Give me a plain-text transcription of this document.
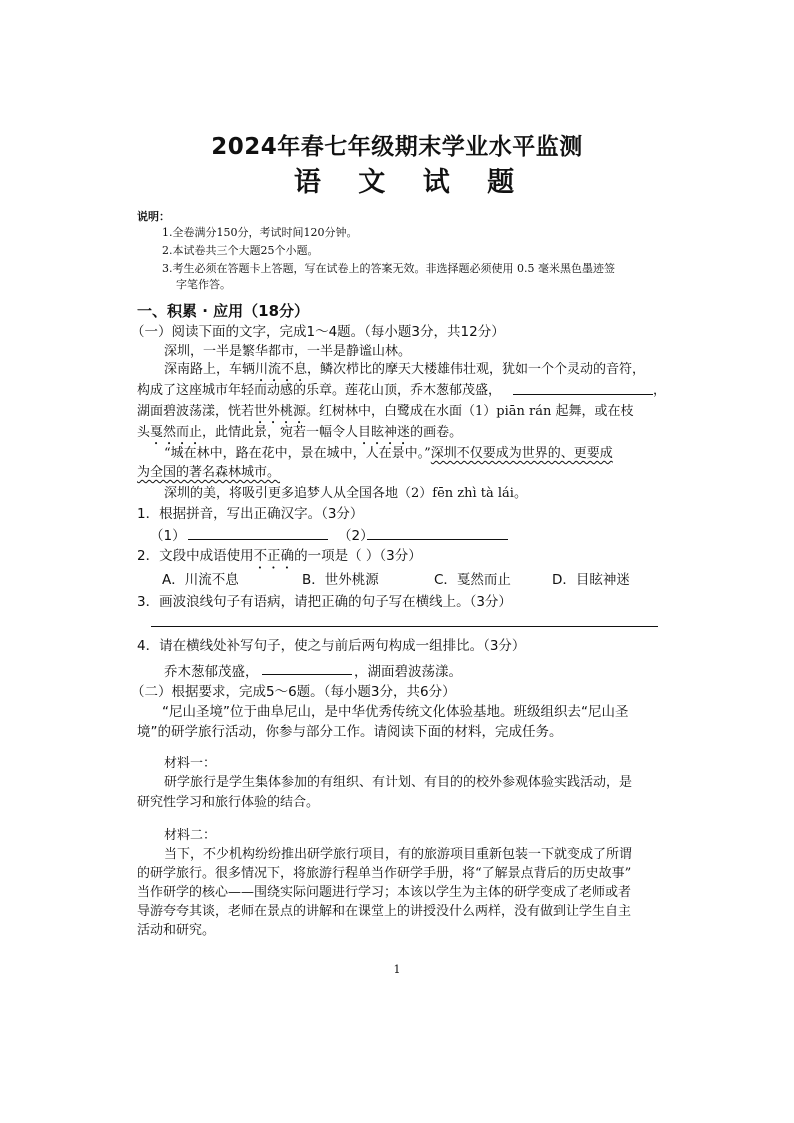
2024年春七年级期末学业水平监测
语 文 试 题
说明：
1.全卷满分150分，考试时间120分钟。
2.本试卷共三个大题25个小题。
3.考生必须在答题卡上答题，写在试卷上的答案无效。非选择题必须使用 0.5 毫米黑色墨迹签
字笔作答。
一、积累 · 应用（18分）
（一）阅读下面的文字，完成1～4题。（每小题3分，共12分）
深圳，一半是繁华都市，一半是静谧山林。
深南路上，车辆川流不息，鳞次栉比的摩天大楼雄伟壮观，犹如一个个灵动的音符，
构成了这座城市年轻而动感的乐章。莲花山顶，乔木葱郁茂盛，	，
湖面碧波荡漾，恍若世外桃源。红树林中，白鹭成在水面（1）piān rán 起舞，或在枝
头戛然而止，此情此景，宛若一幅令人目眩神迷的画卷。
“城在林中，路在花中，景在城中，人在景中。”深圳不仅要成为世界的、更要成
为全国的著名森林城市。
深圳的美，将吸引更多追梦人从全国各地（2）fēn zhì tà lái。
1．根据拼音，写出正确汉字。（3分）
（1）	（2）
2．文段中成语使用不正确的一项是（ ）（3分）
A．川流不息	B．世外桃源	C．戛然而止	D．目眩神迷
3．画波浪线句子有语病，请把正确的句子写在横线上。（3分）
4．请在横线处补写句子，使之与前后两句构成一组排比。（3分）
乔木葱郁茂盛，	，湖面碧波荡漾。
（二）根据要求，完成5～6题。（每小题3分，共6分）
“尼山圣境”位于曲阜尼山，是中华优秀传统文化体验基地。班级组织去“尼山圣
境”的研学旅行活动，你参与部分工作。请阅读下面的材料，完成任务。
材料一：
研学旅行是学生集体参加的有组织、有计划、有目的的校外参观体验实践活动，是
研究性学习和旅行体验的结合。
材料二：
当下，不少机构纷纷推出研学旅行项目，有的旅游项目重新包装一下就变成了所谓
的研学旅行。很多情况下，将旅游行程单当作研学手册，将“了解景点背后的历史故事”
当作研学的核心——围绕实际问题进行学习；本该以学生为主体的研学变成了老师或者
导游夸夸其谈，老师在景点的讲解和在课堂上的讲授没什么两样，没有做到让学生自主
活动和研究。
1
